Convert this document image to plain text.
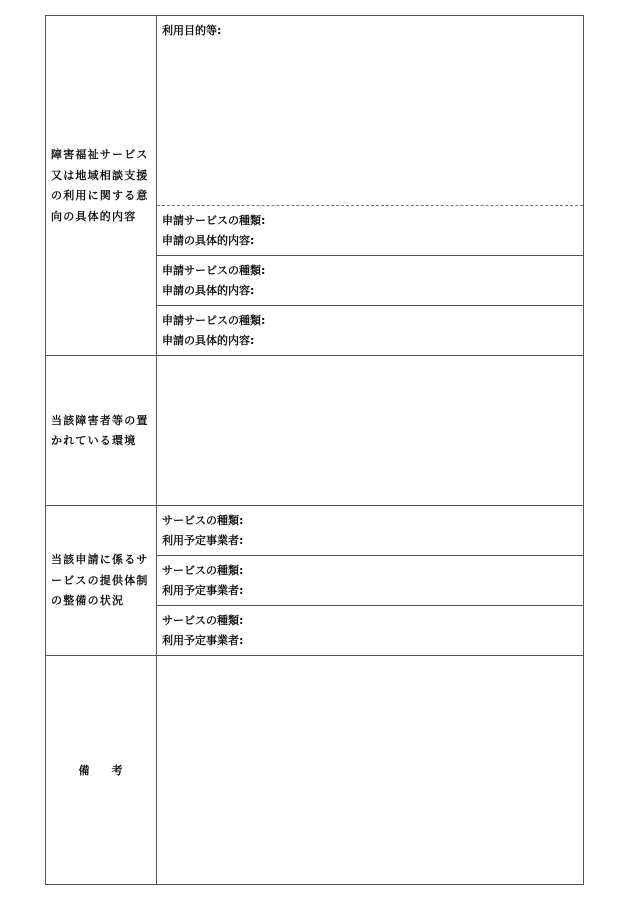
障害福祉サービス
又は地域相談支援
の利用に関する意
向の具体的内容
利用目的等:
申請サービスの種類:
申請の具体的内容:
申請サービスの種類:
申請の具体的内容:
申請サービスの種類:
申請の具体的内容:
当該障害者等の置
かれている環境
当該申請に係るサ
ービスの提供体制
の整備の状況
サービスの種類:
利用予定事業者:
サービスの種類:
利用予定事業者:
サービスの種類:
利用予定事業者:
備　　考
